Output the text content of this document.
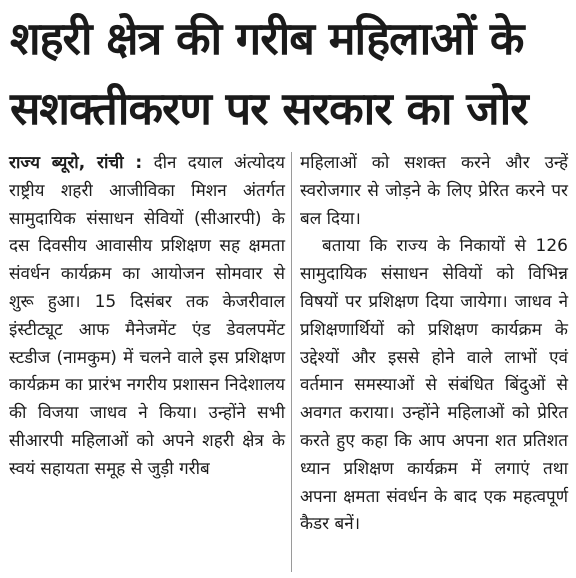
शहरी क्षेत्र की गरीब महिलाओं के
सशक्तीकरण पर सरकार का जोर

राज्य ब्यूरो, रांची : दीन दयाल अंत्योदय राष्ट्रीय शहरी आजीविका मिशन अंतर्गत सामुदायिक संसाधन सेवियों (सीआरपी) के दस दिवसीय आवासीय प्रशिक्षण सह क्षमता संवर्धन कार्यक्रम का आयोजन सोमवार से शुरू हुआ। 15 दिसंबर तक केजरीवाल इंस्टीट्यूट आफ मैनेजमेंट एंड डेवलपमेंट स्टडीज (नामकुम) में चलने वाले इस प्रशिक्षण कार्यक्रम का प्रारंभ नगरीय प्रशासन निदेशालय की विजया जाधव ने किया। उन्होंने सभी सीआरपी महिलाओं को अपने शहरी क्षेत्र के स्वयं सहायता समूह से जुड़ी गरीब

महिलाओं को सशक्त करने और उन्हें स्वरोजगार से जोड़ने के लिए प्रेरित करने पर बल दिया।

बताया कि राज्य के निकायों से 126 सामुदायिक संसाधन सेवियों को विभिन्न विषयों पर प्रशिक्षण दिया जायेगा। जाधव ने प्रशिक्षणार्थियों को प्रशिक्षण कार्यक्रम के उद्देश्यों और इससे होने वाले लाभों एवं वर्तमान समस्याओं से संबंधित बिंदुओं से अवगत कराया। उन्होंने महिलाओं को प्रेरित करते हुए कहा कि आप अपना शत प्रतिशत ध्यान प्रशिक्षण कार्यक्रम में लगाएं तथा अपना क्षमता संवर्धन के बाद एक महत्वपूर्ण कैडर बनें।
